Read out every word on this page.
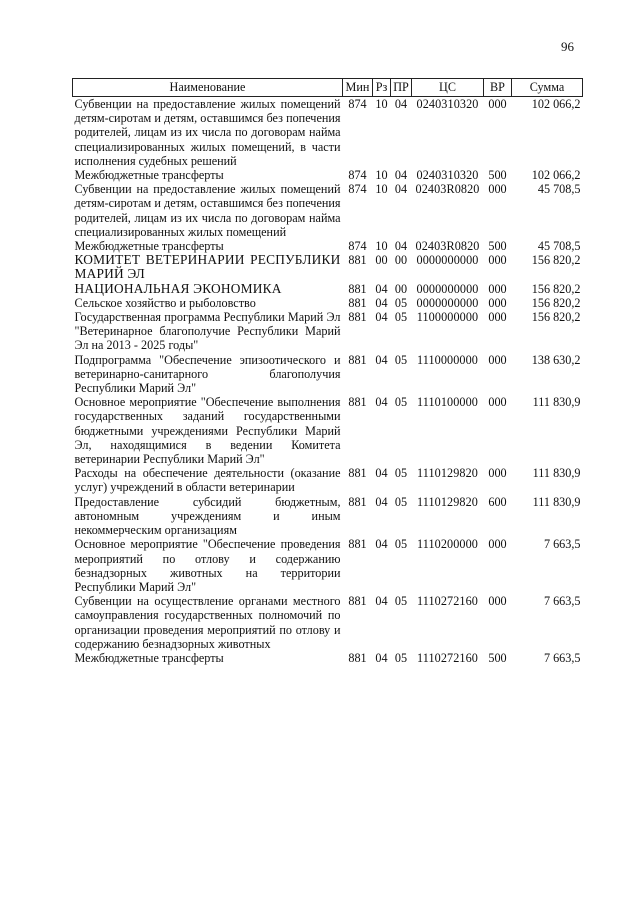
96
Наименование	Мин	Рз	ПР	ЦС	ВР	Сумма
Субвенции на предоставление жилых помещений детям-сиротам и детям, оставшимся без попечения родителей, лицам из их числа по договорам найма специализированных жилых помещений, в части исполнения судебных решений	874	10	04	0240310320	000	102 066,2
Межбюджетные трансферты	874	10	04	0240310320	500	102 066,2
Субвенции на предоставление жилых помещений детям-сиротам и детям, оставшимся без попечения родителей, лицам из их числа по договорам найма специализированных жилых помещений	874	10	04	02403R0820	000	45 708,5
Межбюджетные трансферты	874	10	04	02403R0820	500	45 708,5
КОМИТЕТ ВЕТЕРИНАРИИ РЕСПУБЛИКИ МАРИЙ ЭЛ	881	00	00	0000000000	000	156 820,2
НАЦИОНАЛЬНАЯ ЭКОНОМИКА	881	04	00	0000000000	000	156 820,2
Сельское хозяйство и рыболовство	881	04	05	0000000000	000	156 820,2
Государственная программа Республики Марий Эл "Ветеринарное благополучие Республики Марий Эл на 2013 - 2025 годы"	881	04	05	1100000000	000	156 820,2
Подпрограмма "Обеспечение эпизоотического и ветеринарно-санитарного благополучия Республики Марий Эл"	881	04	05	1110000000	000	138 630,2
Основное мероприятие "Обеспечение выполнения государственных заданий государственными бюджетными учреждениями Республики Марий Эл, находящимися в ведении Комитета ветеринарии Республики Марий Эл"	881	04	05	1110100000	000	111 830,9
Расходы на обеспечение деятельности (оказание услуг) учреждений в области ветеринарии	881	04	05	1110129820	000	111 830,9
Предоставление субсидий бюджетным, автономным учреждениям и иным некоммерческим организациям	881	04	05	1110129820	600	111 830,9
Основное мероприятие "Обеспечение проведения мероприятий по отлову и содержанию безнадзорных животных на территории Республики Марий Эл"	881	04	05	1110200000	000	7 663,5
Субвенции на осуществление органами местного самоуправления государственных полномочий по организации проведения мероприятий по отлову и содержанию безнадзорных животных	881	04	05	1110272160	000	7 663,5
Межбюджетные трансферты	881	04	05	1110272160	500	7 663,5
